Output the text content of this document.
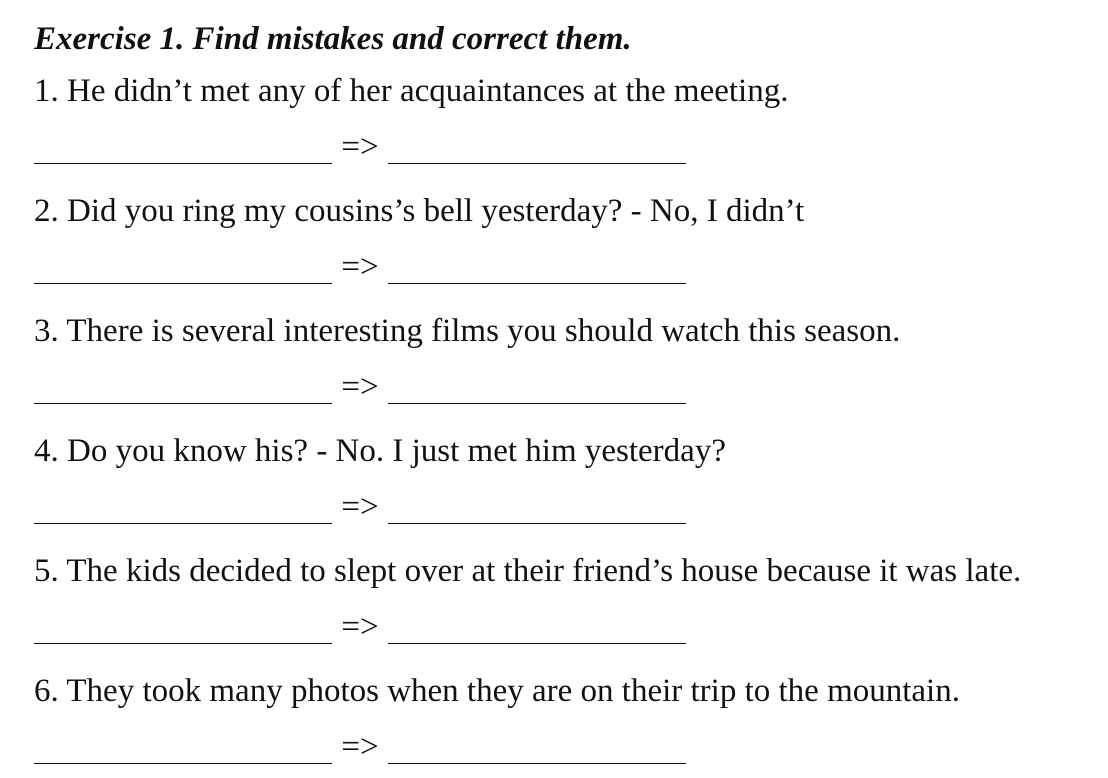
Exercise 1. Find mistakes and correct them.
1. He didn’t met any of her acquaintances at the meeting.
=>
2. Did you ring my cousins’s bell yesterday? - No, I didn’t
=>
3. There is several interesting films you should watch this season.
=>
4. Do you know his? - No. I just met him yesterday?
=>
5. The kids decided to slept over at their friend’s house because it was late.
=>
6. They took many photos when they are on their trip to the mountain.
=>
